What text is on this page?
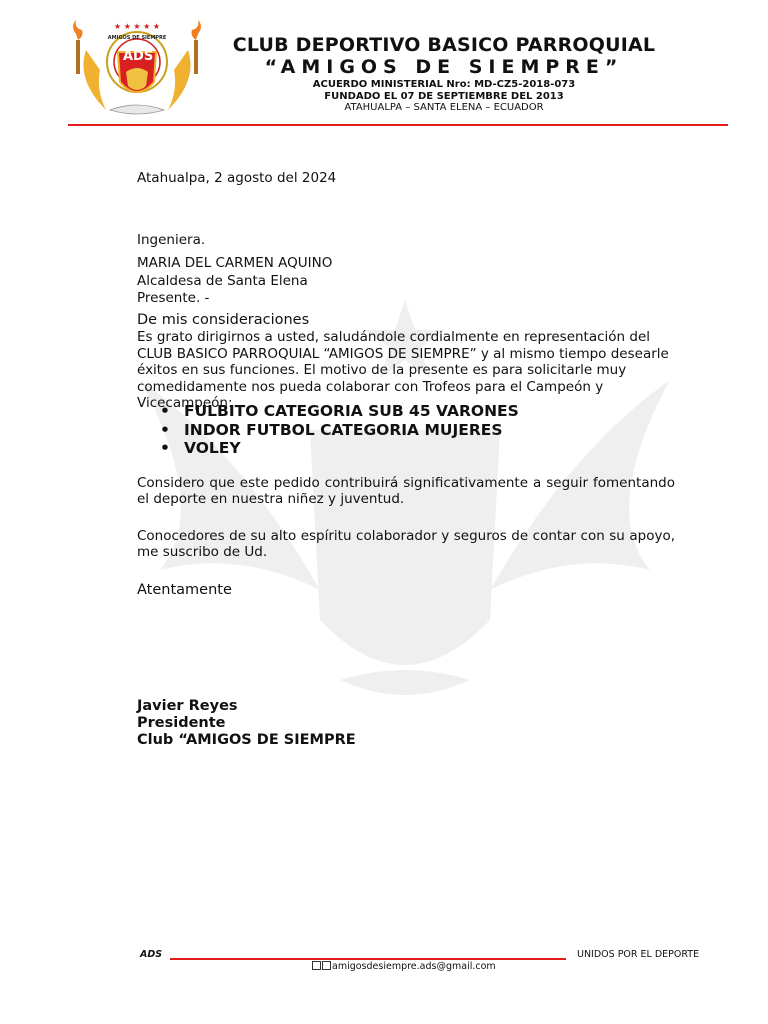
★ ★ ★ ★ ★
ADS
AMIGOS DE SIEMPRE	CLUB DEPORTIVO BASICO PARROQUIAL
“AMIGOS DE SIEMPRE”
ACUERDO MINISTERIAL Nro: MD-CZ5-2018-073
FUNDADO EL 07 DE SEPTIEMBRE DEL 2013
ATAHUALPA – SANTA ELENA – ECUADOR
Atahualpa, 2 agosto del 2024
Ingeniera.
MARIA DEL CARMEN AQUINO
Alcaldesa de Santa Elena
Presente. -
De mis consideraciones
Es grato dirigirnos a usted, saludándole cordialmente en representación del CLUB BASICO PARROQUIAL “AMIGOS DE SIEMPRE” y al mismo tiempo desearle éxitos en sus funciones. El motivo de la presente es para solicitarle muy comedidamente nos pueda colaborar con Trofeos para el Campeón y Vicecampeón:
• FULBITO CATEGORIA SUB 45 VARONES
• INDOR FUTBOL CATEGORIA MUJERES
• VOLEY
Considero que este pedido contribuirá significativamente a seguir fomentando el deporte en nuestra niñez y juventud.
Conocedores de su alto espíritu colaborador y seguros de contar con su apoyo, me suscribo de Ud.
Atentamente
Javier Reyes
Presidente
Club “AMIGOS DE SIEMPRE
ADS	UNIDOS POR EL DEPORTE
amigosdesiempre.ads@gmail.com
